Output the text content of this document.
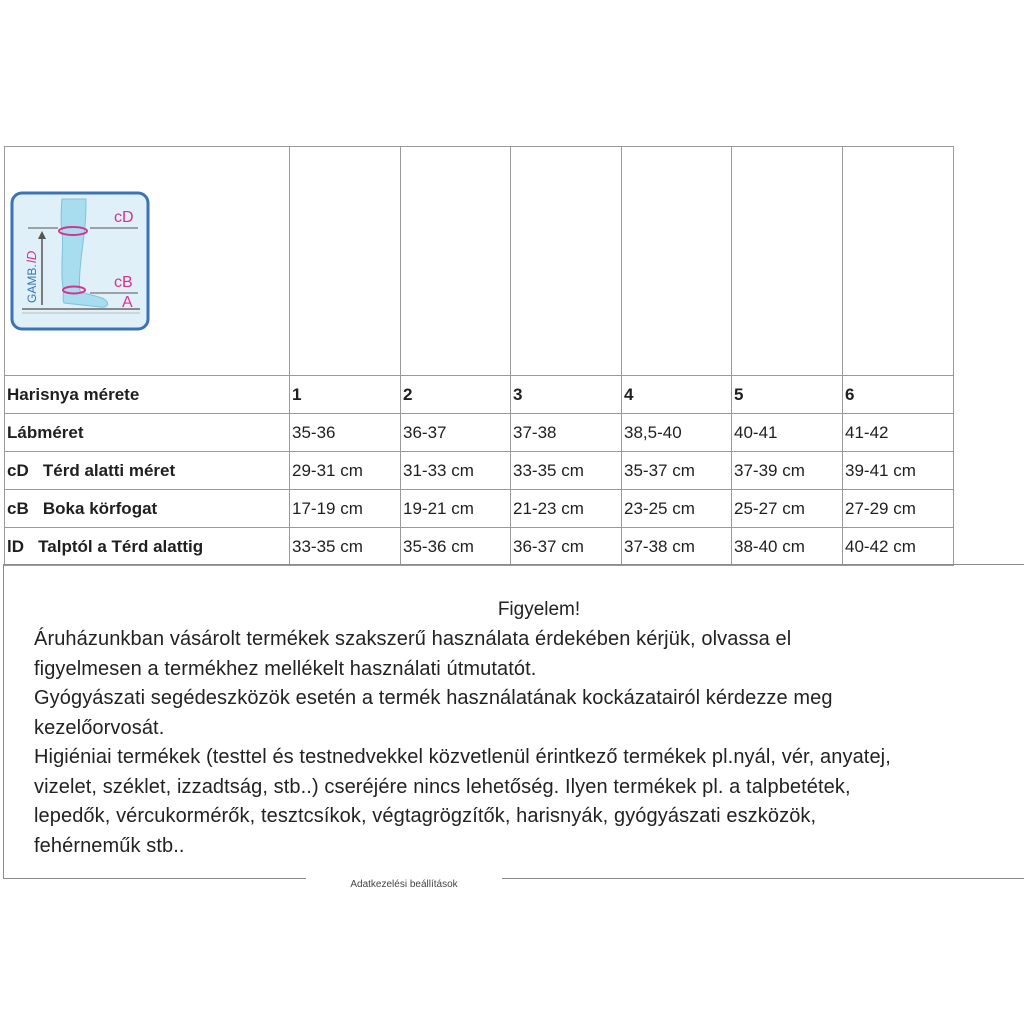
cD
cB
A
GAMB.
lD						

Harisnya mérete	1	2	3	4	5	6
Lábméret	35-36	36-37	37-38	38,5-40	40-41	41-42
cD   Térd alatti méret	29-31 cm	31-33 cm	33-35 cm	35-37 cm	37-39 cm	39-41 cm
cB   Boka körfogat	17-19 cm	19-21 cm	21-23 cm	23-25 cm	25-27 cm	27-29 cm
lD   Talptól a Térd alattig	33-35 cm	35-36 cm	36-37 cm	37-38 cm	38-40 cm	40-42 cm
Figyelem!

Áruházunkban vásárolt termékek szakszerű használata érdekében kérjük, olvassa el

figyelmesen a termékhez mellékelt használati útmutatót.

Gyógyászati segédeszközök esetén a termék használatának kockázatairól kérdezze meg

kezelőorvosát.

Higiéniai termékek (testtel és testnedvekkel közvetlenül érintkező termékek pl.nyál, vér, anyatej,

vizelet, széklet, izzadtság, stb..) cseréjére nincs lehetőség. Ilyen termékek pl. a talpbetétek,

lepedők, vércukormérők, tesztcsíkok, végtagrögzítők, harisnyák, gyógyászati eszközök,

fehérneműk stb..

Adatkezelési beállítások
